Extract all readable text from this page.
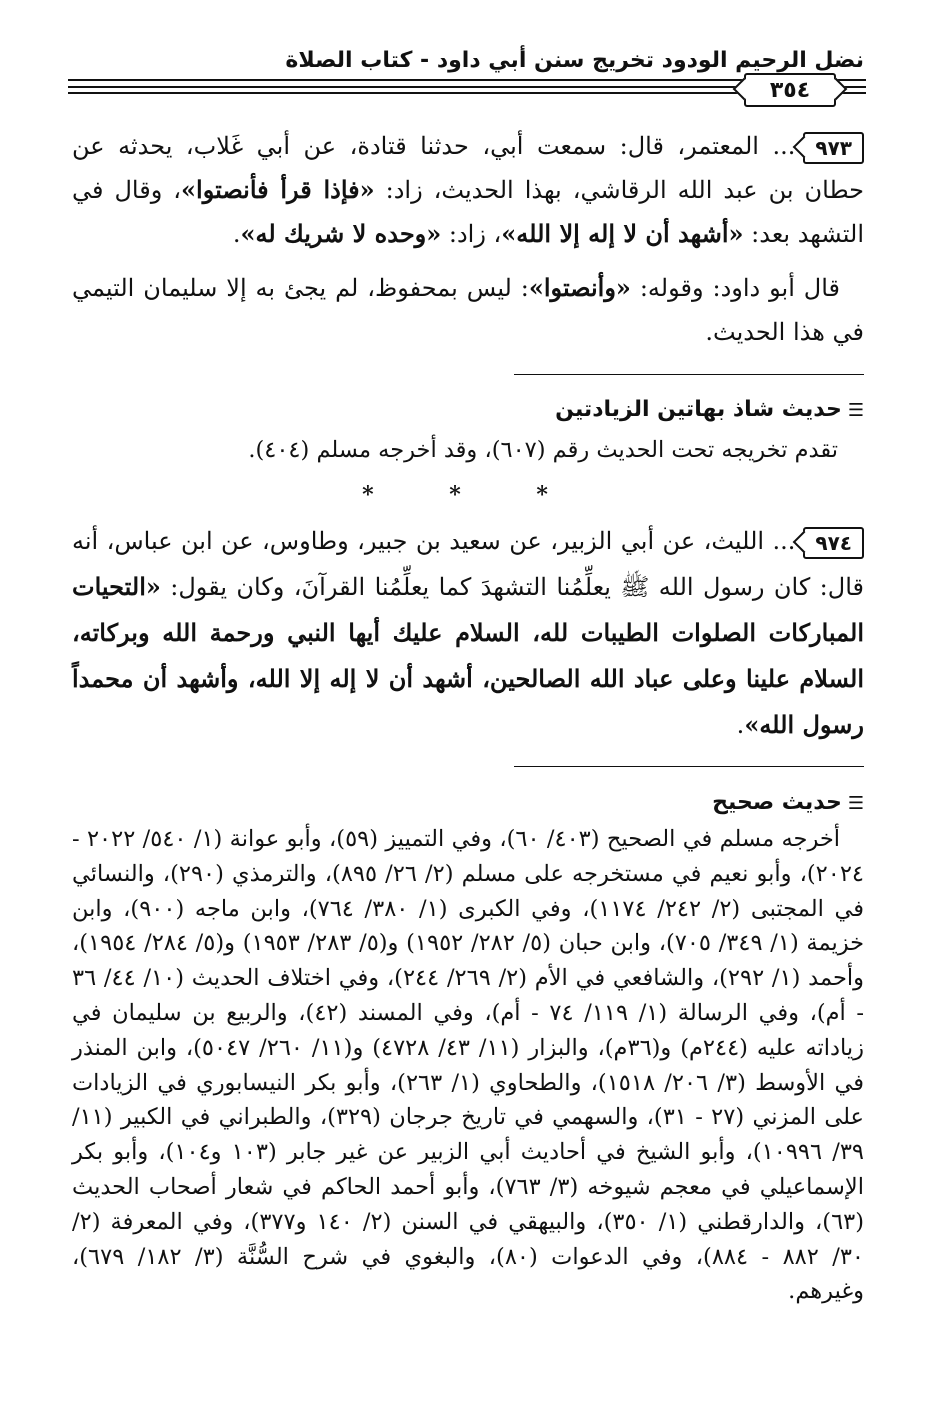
نضل الرحيم الودود تخريج سنن أبي داود - كتاب الصلاة
٣٥٤

٩٧٣... المعتمر، قال: سمعت أبي، حدثنا قتادة، عن أبي غَلاب، يحدثه عن حطان بن عبد الله الرقاشي، بهذا الحديث، زاد: «فإذا قرأ فأنصتوا»، وقال في التشهد بعد: «أشهد أن لا إله إلا الله»، زاد: «وحده لا شريك له».

قال أبو داود: وقوله: «وأنصتوا»: ليس بمحفوظ، لم يجئ به إلا سليمان التيمي في هذا الحديث.

☰حديث شاذ بهاتين الزيادتين
تقدم تخريجه تحت الحديث رقم (٦٠٧)، وقد أخرجه مسلم (٤٠٤).
* * *

٩٧٤... الليث، عن أبي الزبير، عن سعيد بن جبير، وطاوس، عن ابن عباس، أنه قال: كان رسول الله ﷺ يعلِّمُنا التشهدَ كما يعلِّمُنا القرآنَ، وكان يقول: «التحيات المباركات الصلوات الطيبات لله، السلام عليك أيها النبي ورحمة الله وبركاته، السلام علينا وعلى عباد الله الصالحين، أشهد أن لا إله إلا الله، وأشهد أن محمداً رسول الله».

☰حديث صحيح
أخرجه مسلم في الصحيح (٤٠٣/ ٦٠)، وفي التمييز (٥٩)، وأبو عوانة (١/ ٥٤٠/ ٢٠٢٢ - ٢٠٢٤)، وأبو نعيم في مستخرجه على مسلم (٢/ ٢٦/ ٨٩٥)، والترمذي (٢٩٠)، والنسائي في المجتبى (٢/ ٢٤٢/ ١١٧٤)، وفي الكبرى (١/ ٣٨٠/ ٧٦٤)، وابن ماجه (٩٠٠)، وابن خزيمة (١/ ٣٤٩/ ٧٠٥)، وابن حبان (٥/ ٢٨٢/ ١٩٥٢) و(٥/ ٢٨٣/ ١٩٥٣) و(٥/ ٢٨٤/ ١٩٥٤)، وأحمد (١/ ٢٩٢)، والشافعي في الأم (٢/ ٢٦٩/ ٢٤٤)، وفي اختلاف الحديث (١٠/ ٤٤/ ٣٦ - أم)، وفي الرسالة (١/ ١١٩/ ٧٤ - أم)، وفي المسند (٤٢)، والربيع بن سليمان في زياداته عليه (٢٤٤م) و(٣٦م)، والبزار (١١/ ٤٣/ ٤٧٢٨) و(١١/ ٢٦٠/ ٥٠٤٧)، وابن المنذر في الأوسط (٣/ ٢٠٦/ ١٥١٨)، والطحاوي (١/ ٢٦٣)، وأبو بكر النيسابوري في الزيادات على المزني (٢٧ - ٣١)، والسهمي في تاريخ جرجان (٣٢٩)، والطبراني في الكبير (١١/ ٣٩/ ١٠٩٩٦)، وأبو الشيخ في أحاديث أبي الزبير عن غير جابر (١٠٣ و١٠٤)، وأبو بكر الإسماعيلي في معجم شيوخه (٣/ ٧٦٣)، وأبو أحمد الحاكم في شعار أصحاب الحديث (٦٣)، والدارقطني (١/ ٣٥٠)، والبيهقي في السنن (٢/ ١٤٠ و٣٧٧)، وفي المعرفة (٢/ ٣٠/ ٨٨٢ - ٨٨٤)، وفي الدعوات (٨٠)، والبغوي في شرح السُّنَّة (٣/ ١٨٢/ ٦٧٩)، وغيرهم.
